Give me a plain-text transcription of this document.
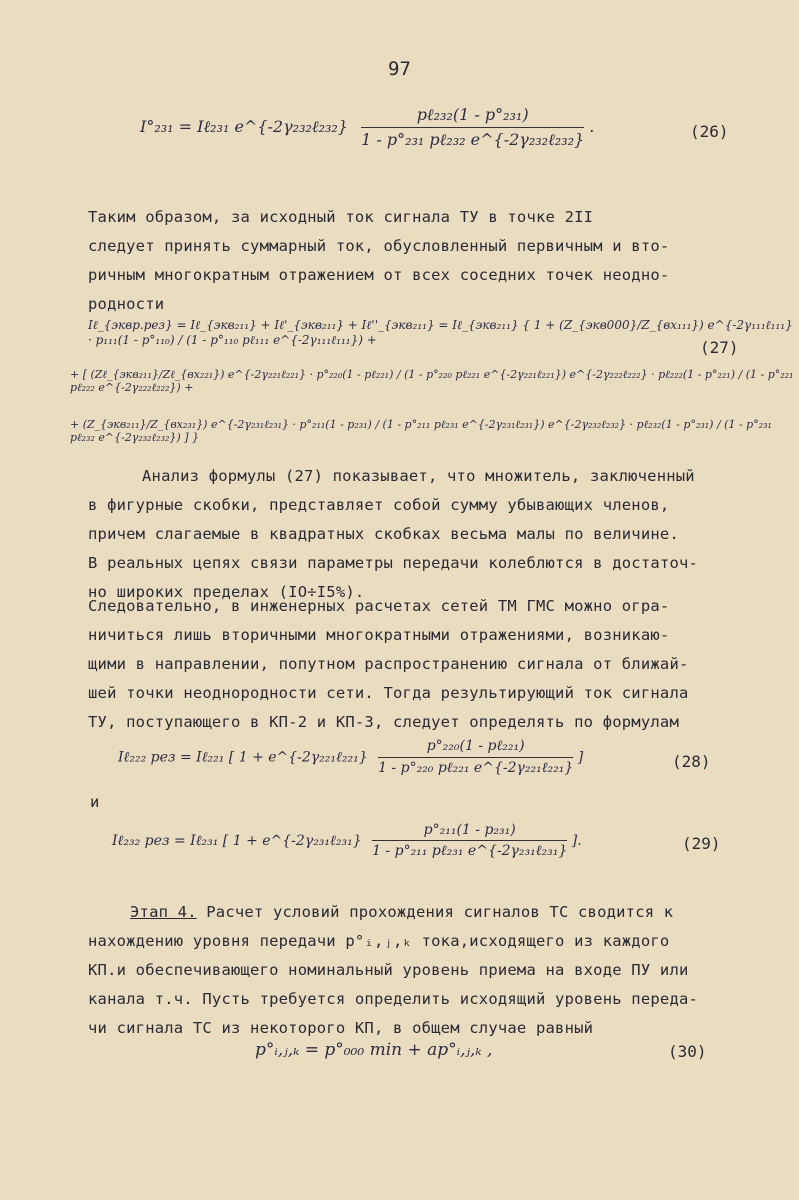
97
I°₂₃₁ = Iℓ₂₃₁ e^{-2γ₂₃₂ℓ₂₃₂} $\frac{\text{pℓ₂₃₂(1 - p°₂₃₁)}}{\text{1 - p°₂₃₁ pℓ₂₃₂ e\textasciicircum{}\{-2γ₂₃₂ℓ₂₃₂\}}}$ .	(26)
Таким образом, за исходный ток сигнала ТУ в точке 2II
следует принять суммарный ток, обусловленный первичным и вто-
ричным многократным отражением от всех соседних точек неодно-
родности
Iℓ_{эквр.рез} = Iℓ_{экв₂₁₁} + Iℓ'_{экв₂₁₁} + Iℓ''_{экв₂₁₁} = Iℓ_{экв₂₁₁} { 1 + (Z_{экв000}/Z_{вх₁₁₁}) e^{-2γ₁₁₁ℓ₁₁₁} · p₁₁₁(1 - p°₁₁₀) / (1 - p°₁₁₀ pℓ₁₁₁ e^{-2γ₁₁₁ℓ₁₁₁}) +	(27)
+ [ (Zℓ_{экв₂₁₁}/Zℓ_{вх₂₂₁}) e^{-2γ₂₂₁ℓ₂₂₁} · p°₂₂₀(1 - pℓ₂₂₁) / (1 - p°₂₂₀ pℓ₂₂₁ e^{-2γ₂₂₁ℓ₂₂₁}) e^{-2γ₂₂₂ℓ₂₂₂} · pℓ₂₂₂(1 - p°₂₂₁) / (1 - p°₂₂₁ pℓ₂₂₂ e^{-2γ₂₂₂ℓ₂₂₂}) +
+ (Z_{экв₂₁₁}/Z_{вх₂₃₁}) e^{-2γ₂₃₁ℓ₂₃₁} · p°₂₁₁(1 - p₂₃₁) / (1 - p°₂₁₁ pℓ₂₃₁ e^{-2γ₂₃₁ℓ₂₃₁}) e^{-2γ₂₃₂ℓ₂₃₂} · pℓ₂₃₂(1 - p°₂₃₁) / (1 - p°₂₃₁ pℓ₂₃₂ e^{-2γ₂₃₂ℓ₂₃₂}) ] }
Анализ формулы (27) показывает, что множитель, заключенный
в фигурные скобки, представляет собой сумму убывающих членов,
причем слагаемые в квадратных скобках весьма малы по величине.
В реальных цепях связи параметры передачи колеблются в достаточ-
но широких пределах (IO÷I5%).
Следовательно, в инженерных расчетах сетей ТМ ГМС можно огра-
ничиться лишь вторичными многократными отражениями, возникаю-
щими в направлении, попутном распространению сигнала от ближай-
шей точки неоднородности сети. Тогда результирующий ток сигнала
ТУ, поступающего в КП-2 и КП-3, следует определять по формулам
Iℓ₂₂₂ рез = Iℓ₂₂₁ [ 1 + e^{-2γ₂₂₁ℓ₂₂₁} $\frac{\text{p°₂₂₀(1 - pℓ₂₂₁)}}{\text{1 - p°₂₂₀ pℓ₂₂₁ e\textasciicircum{}\{-2γ₂₂₁ℓ₂₂₁\}}}$ ]	(28)
и
Iℓ₂₃₂ рез = Iℓ₂₃₁ [ 1 + e^{-2γ₂₃₁ℓ₂₃₁} $\frac{\text{p°₂₁₁(1 - p₂₃₁)}}{\text{1 - p°₂₁₁ pℓ₂₃₁ e\textasciicircum{}\{-2γ₂₃₁ℓ₂₃₁\}}}$ ].	(29)
Этап 4. Расчет условий прохождения сигналов ТС сводится к
нахождению уровня передачи p°ᵢ,ⱼ,ₖ тока,исходящего из каждого
КП.и обеспечивающего номинальный уровень приема на входе ПУ или
канала т.ч. Пусть требуется определить исходящий уровень переда-
чи сигнала ТС из некоторого КП, в общем случае равный
p°ᵢ,ⱼ,ₖ = p°₀₀₀ min + ap°ᵢ,ⱼ,ₖ ,	(30)
